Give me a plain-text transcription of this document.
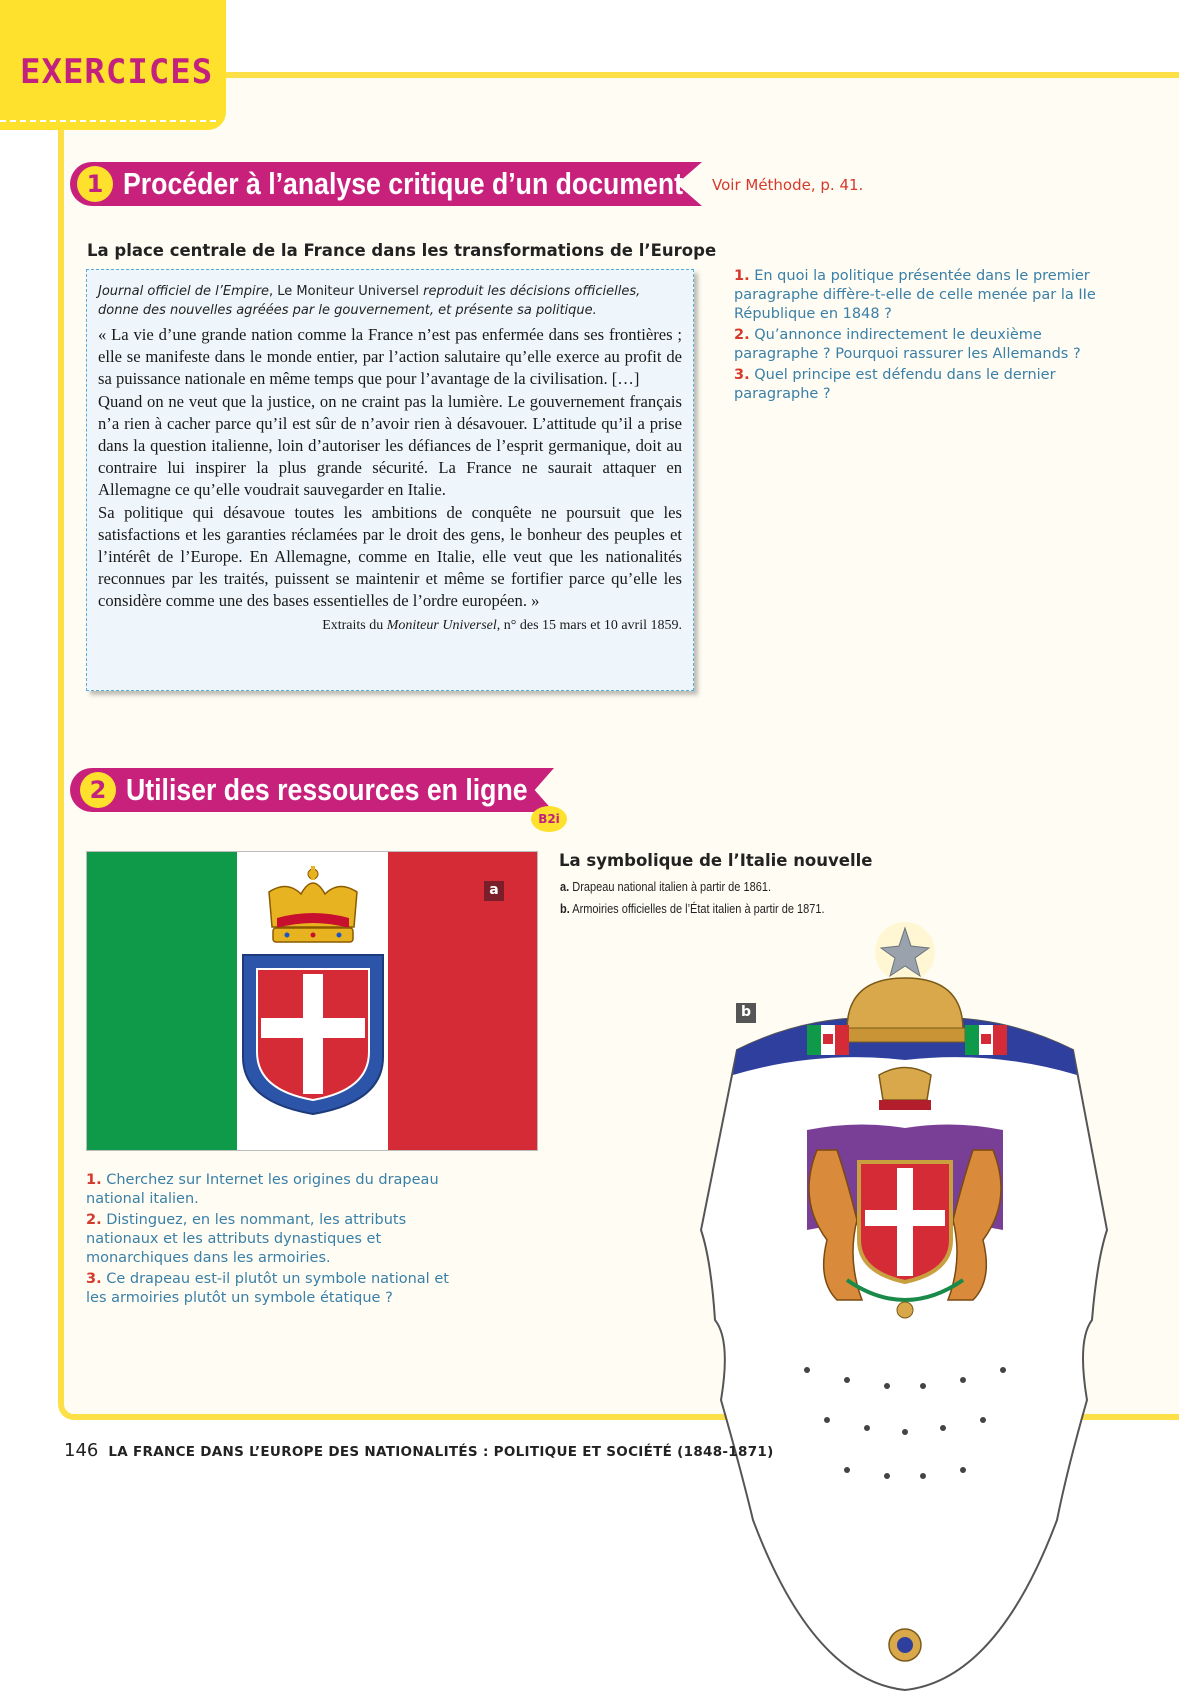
EXERCICES
1 Procéder à l’analyse critique d’un document Voir Méthode, p. 41.
La place centrale de la France dans les transformations de l’Europe
Journal officiel de l’Empire, Le Moniteur Universel reproduit les décisions officielles, donne des nouvelles agréées par le gouvernement, et présente sa politique.
« La vie d’une grande nation comme la France n’est pas enfermée dans ses frontières ; elle se manifeste dans le monde entier, par l’action salutaire qu’elle exerce au profit de sa puissance nationale en même temps que pour l’avantage de la civilisation. […]
Quand on ne veut que la justice, on ne craint pas la lumière. Le gouvernement français n’a rien à cacher parce qu’il est sûr de n’avoir rien à désavouer. L’attitude qu’il a prise dans la question italienne, loin d’autoriser les défiances de l’esprit germanique, doit au contraire lui inspirer la plus grande sécurité. La France ne saurait attaquer en Allemagne ce qu’elle voudrait sauvegarder en Italie.
Sa politique qui désavoue toutes les ambitions de conquête ne poursuit que les satisfactions et les garanties réclamées par le droit des gens, le bonheur des peuples et l’intérêt de l’Europe. En Allemagne, comme en Italie, elle veut que les nationalités reconnues par les traités, puissent se maintenir et même se fortifier parce qu’elle les considère comme une des bases essentielles de l’ordre européen. »
Extraits du Moniteur Universel, n° des 15 mars et 10 avril 1859.
1. En quoi la politique présentée dans le premier paragraphe diffère-t-elle de celle menée par la IIe République en 1848 ?
2. Qu’annonce indirectement le deuxième paragraphe ? Pourquoi rassurer les Allemands ?
3. Quel principe est défendu dans le dernier paragraphe ?
2 Utiliser des ressources en ligne
B2i
a
1. Cherchez sur Internet les origines du drapeau national italien.
2. Distinguez, en les nommant, les attributs nationaux et les attributs dynastiques et monarchiques dans les armoiries.
3. Ce drapeau est-il plutôt un symbole national et les armoiries plutôt un symbole étatique ?
La symbolique de l’Italie nouvelle
a. Drapeau national italien à partir de 1861.
b. Armoiries officielles de l’État italien à partir de 1871.
b
146 LA FRANCE DANS L’EUROPE DES NATIONALITÉS : POLITIQUE ET SOCIÉTÉ (1848-1871)
